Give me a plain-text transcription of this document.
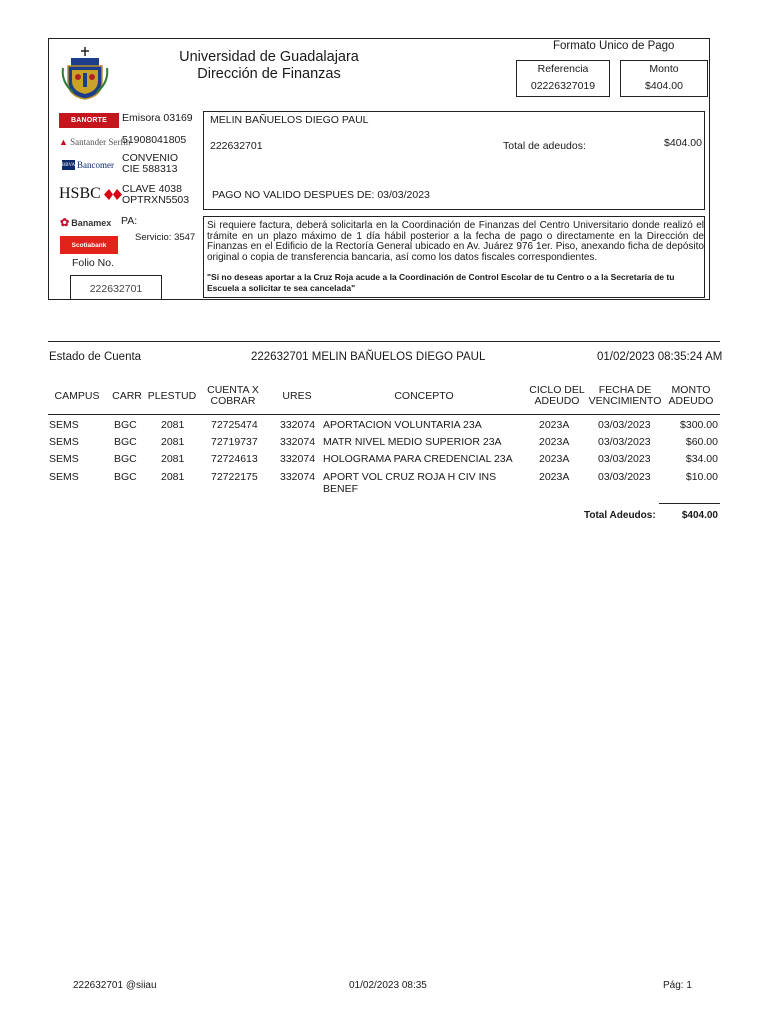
Universidad de Guadalajara
Dirección de Finanzas
Formato Unico de Pago
Referencia
02226327019
Monto
$404.00
BANORTE	Emisora 03169
▲ Santander Serfin
51908041805
BBVA Bancomer
CONVENIO
CIE 588313
HSBC CLAVE 4038
OPTRXN5503
✿ Banamex PA:
Scotiabank
Servicio: 3547
Folio No.
222632701
MELIN BAÑUELOS DIEGO PAUL
222632701	Total de adeudos:	$404.00
PAGO NO VALIDO DESPUES DE: 03/03/2023
Si requiere factura, deberá solicitarla en la Coordinación de Finanzas del Centro Universitario donde realizó el trámite en un plazo máximo de 1 día hábil posterior a la fecha de pago o directamente en la Dirección de Finanzas en el Edificio de la Rectoría General ubicado en Av. Juárez 976 1er. Piso, anexando ficha de depósito original o copia de transferencia bancaria, así como los datos fiscales correspondientes.
"Si no deseas aportar a la Cruz Roja acude a la Coordinación de Control Escolar de tu Centro o a la Secretaría de tu Escuela a solicitar te sea cancelada"
Estado de Cuenta	222632701 MELIN BAÑUELOS DIEGO PAUL	01/02/2023 08:35:24 AM
CAMPUS	CARR PLESTUD	CUENTA X
COBRAR	URES	CONCEPTO	CICLO DEL
ADEUDO
FECHA DE
VENCIMIENTO
MONTO
ADEUDO
SEMS	BGC 2081	72725474 332074 APORTACION VOLUNTARIA 23A	2023A	03/03/2023	$300.00
SEMS	BGC 2081	72719737 332074 MATR NIVEL MEDIO SUPERIOR 23A	2023A	03/03/2023	$60.00
SEMS	BGC 2081	72724613 332074 HOLOGRAMA PARA CREDENCIAL 23A	2023A	03/03/2023	$34.00
SEMS	BGC 2081	72722175 332074 APORT VOL CRUZ ROJA H CIV INS
BENEF
2023A	03/03/2023	$10.00
Total Adeudos:	$404.00
222632701 @siiau	01/02/2023 08:35	Pág: 1
